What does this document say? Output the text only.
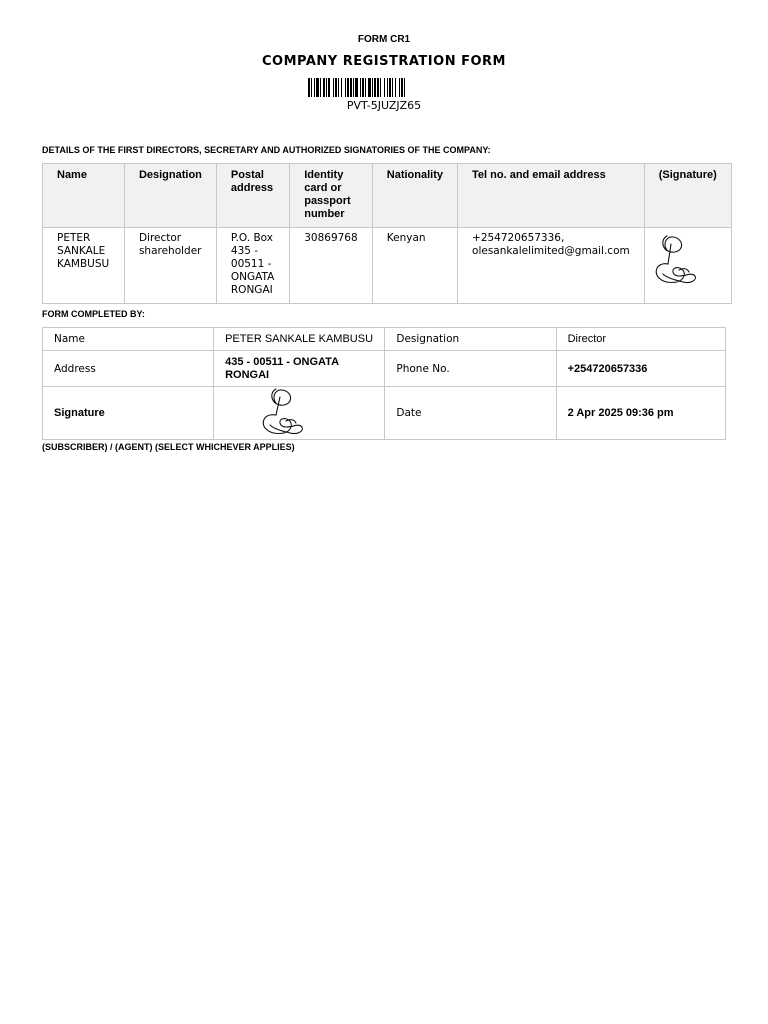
FORM CR1
COMPANY REGISTRATION FORM
PVT-5JUZJZ65
DETAILS OF THE FIRST DIRECTORS, SECRETARY AND AUTHORIZED SIGNATORIES OF THE COMPANY:
Name	Designation	Postal address	Identity card or passport number	Nationality	Tel no. and email address	(Signature)
PETER SANKALE KAMBUSU	Director shareholder	P.O. Box 435 - 00511 - ONGATA RONGAI	30869768	Kenyan	+254720657336, olesankalelimited@gmail.com	
FORM COMPLETED BY:
Name	PETER SANKALE KAMBUSU	Designation	Director
Address	435 - 00511 - ONGATA RONGAI	Phone No.	+254720657336
Signature		Date	2 Apr 2025 09:36 pm
(SUBSCRIBER) / (AGENT) (SELECT WHICHEVER APPLIES)
